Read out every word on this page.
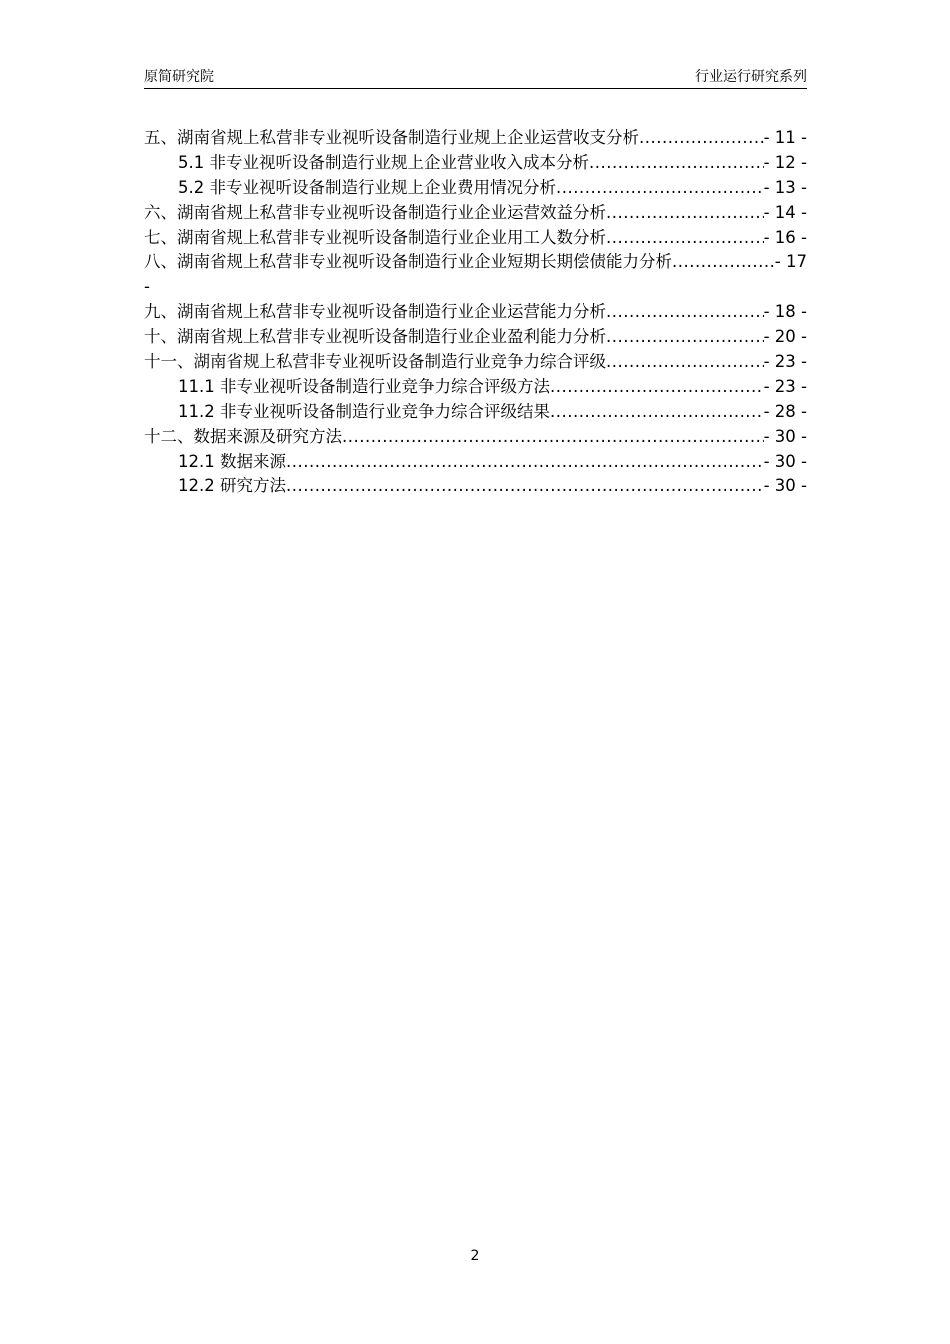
原简研究院	行业运行研究系列
五、湖南省规上私营非专业视听设备制造行业规上企业运营收支分析 .....	- 11 -
5.1 非专业视听设备制造行业规上企业营业收入成本分析 .....	- 12 -
5.2 非专业视听设备制造行业规上企业费用情况分析 .....	- 13 -
六、湖南省规上私营非专业视听设备制造行业企业运营效益分析 .....	- 14 -
七、湖南省规上私营非专业视听设备制造行业企业用工人数分析 .....	- 16 -
八、湖南省规上私营非专业视听设备制造行业企业短期长期偿债能力分析 .....	- 17
-
九、湖南省规上私营非专业视听设备制造行业企业运营能力分析 .....	- 18 -
十、湖南省规上私营非专业视听设备制造行业企业盈利能力分析 .....	- 20 -
十一、湖南省规上私营非专业视听设备制造行业竞争力综合评级 .....	- 23 -
11.1 非专业视听设备制造行业竞争力综合评级方法 .....	- 23 -
11.2 非专业视听设备制造行业竞争力综合评级结果 .....	- 28 -
十二、数据来源及研究方法 .....	- 30 -
12.1 数据来源 .....	- 30 -
12.2 研究方法 .....	- 30 -
2
